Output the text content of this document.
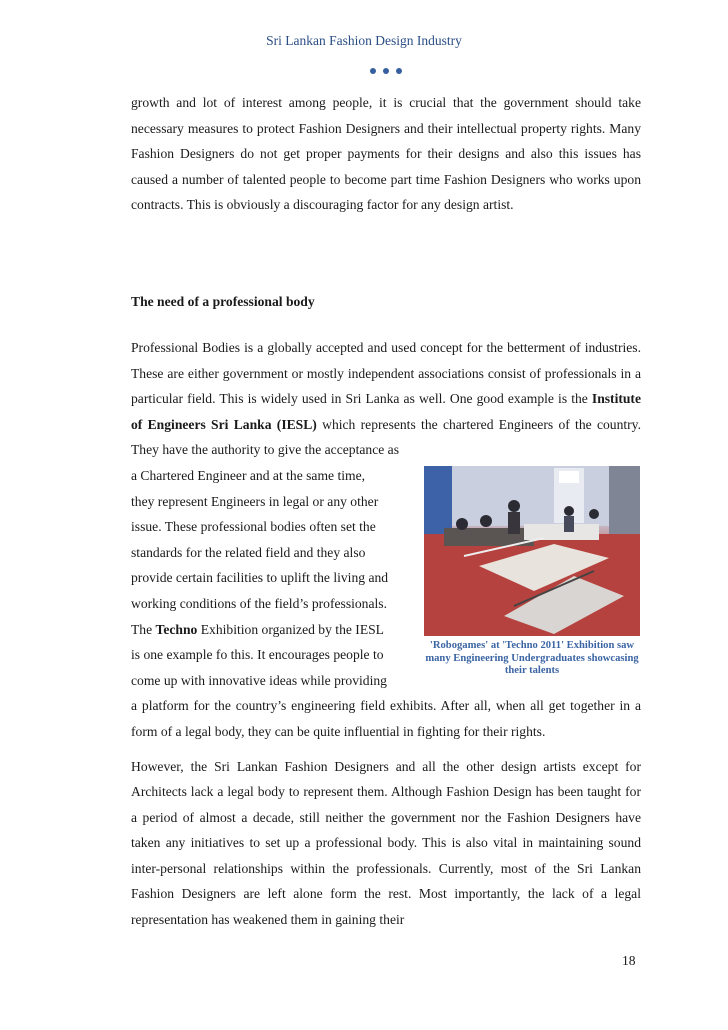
Sri Lankan Fashion Design Industry

growth and lot of interest among people, it is crucial that the government should take necessary measures to protect Fashion Designers and their intellectual property rights. Many Fashion Designers do not get proper payments for their designs and also this issues has caused a number of talented people to become part time Fashion Designers who works upon contracts. This is obviously a discouraging factor for any design artist.

The need of a professional body

Professional Bodies is a globally accepted and used concept for the betterment of industries. These are either government or mostly independent associations consist of professionals in a particular field. This is widely used in Sri Lanka as well. One good example is the Institute of Engineers Sri Lanka (IESL) which represents the chartered Engineers of the country. They have the authority to give the acceptance as

a Chartered Engineer and at the same time,
they represent Engineers in legal or any other
issue. These professional bodies often set the
standards for the related field and they also
provide certain facilities to uplift the living and
working conditions of the field’s professionals.
The Techno Exhibition organized by the IESL
is one example fo this. It encourages people to
come up with innovative ideas while providing

a platform for the country’s engineering field exhibits. After all, when all get together in a form of a legal body, they can be quite influential in fighting for their rights.

However, the Sri Lankan Fashion Designers and all the other design artists except for Architects lack a legal body to represent them. Although Fashion Design has been taught for a period of almost a decade, still neither the government nor the Fashion Designers have taken any initiatives to set up a professional body. This is also vital in maintaining sound inter-personal relationships within the professionals. Currently, most of the Sri Lankan Fashion Designers are left alone form the rest. Most importantly, the lack of a legal representation has weakened them in gaining their

'Robogames' at 'Techno 2011' Exhibition saw many Engineering Undergraduates showcasing their talents
18
